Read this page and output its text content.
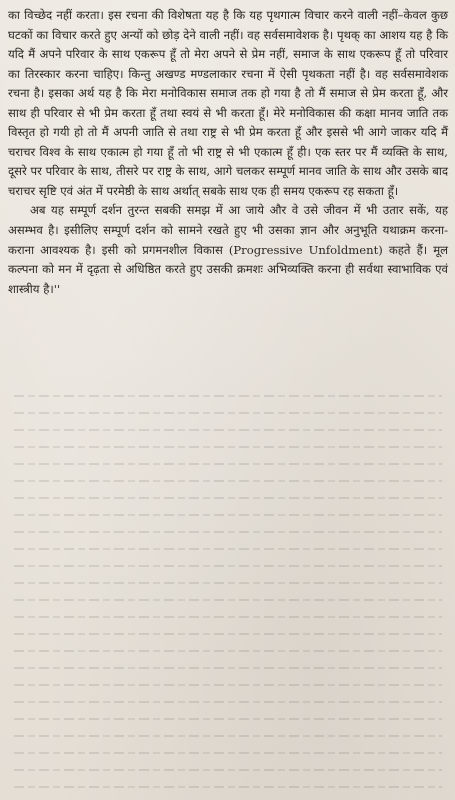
का विच्छेद नहीं करता। इस रचना की विशेषता यह है कि यह पृथगात्म विचार करने वाली नहीं–केवल कुछ घटकों का विचार करते हुए अन्यों को छोड़ देने वाली नहीं। वह सर्वसमावेशक है। पृथक् का आशय यह है कि यदि मैं अपने परिवार के साथ एकरूप हूँ तो मेरा अपने से प्रेम नहीं, समाज के साथ एकरूप हूँ तो परिवार का तिरस्कार करना चाहिए। किन्तु अखण्ड मण्डलाकार रचना में ऐसी पृथकता नहीं है। वह सर्वसमावेशक रचना है। इसका अर्थ यह है कि मेरा मनोविकास समाज तक हो गया है तो मैं समाज से प्रेम करता हूँ, और साथ ही परिवार से भी प्रेम करता हूँ तथा स्वयं से भी करता हूँ। मेरे मनोविकास की कक्षा मानव जाति तक विस्तृत हो गयी हो तो मैं अपनी जाति से तथा राष्ट्र से भी प्रेम करता हूँ और इससे भी आगे जाकर यदि मैं चराचर विश्व के साथ एकात्म हो गया हूँ तो भी राष्ट्र से भी एकात्म हूँ ही। एक स्तर पर मैं व्यक्ति के साथ, दूसरे पर परिवार के साथ, तीसरे पर राष्ट्र के साथ, आगे चलकर सम्पूर्ण मानव जाति के साथ और उसके बाद चराचर सृष्टि एवं अंत में परमेष्ठी के साथ अर्थात् सबके साथ एक ही समय एकरूप रह सकता हूँ।

अब यह सम्पूर्ण दर्शन तुरन्त सबकी समझ में आ जाये और वे उसे जीवन में भी उतार सकें, यह असम्भव है। इसीलिए सम्पूर्ण दर्शन को सामने रखते हुए भी उसका ज्ञान और अनुभूति यथाक्रम करना-कराना आवश्यक है। इसी को प्रगमनशील विकास (Progressive Unfoldment) कहते हैं। मूल कल्पना को मन में दृढ़ता से अधिष्ठित करते हुए उसकी क्रमशः अभिव्यक्ति करना ही सर्वथा स्वाभाविक एवं शास्त्रीय है।''
